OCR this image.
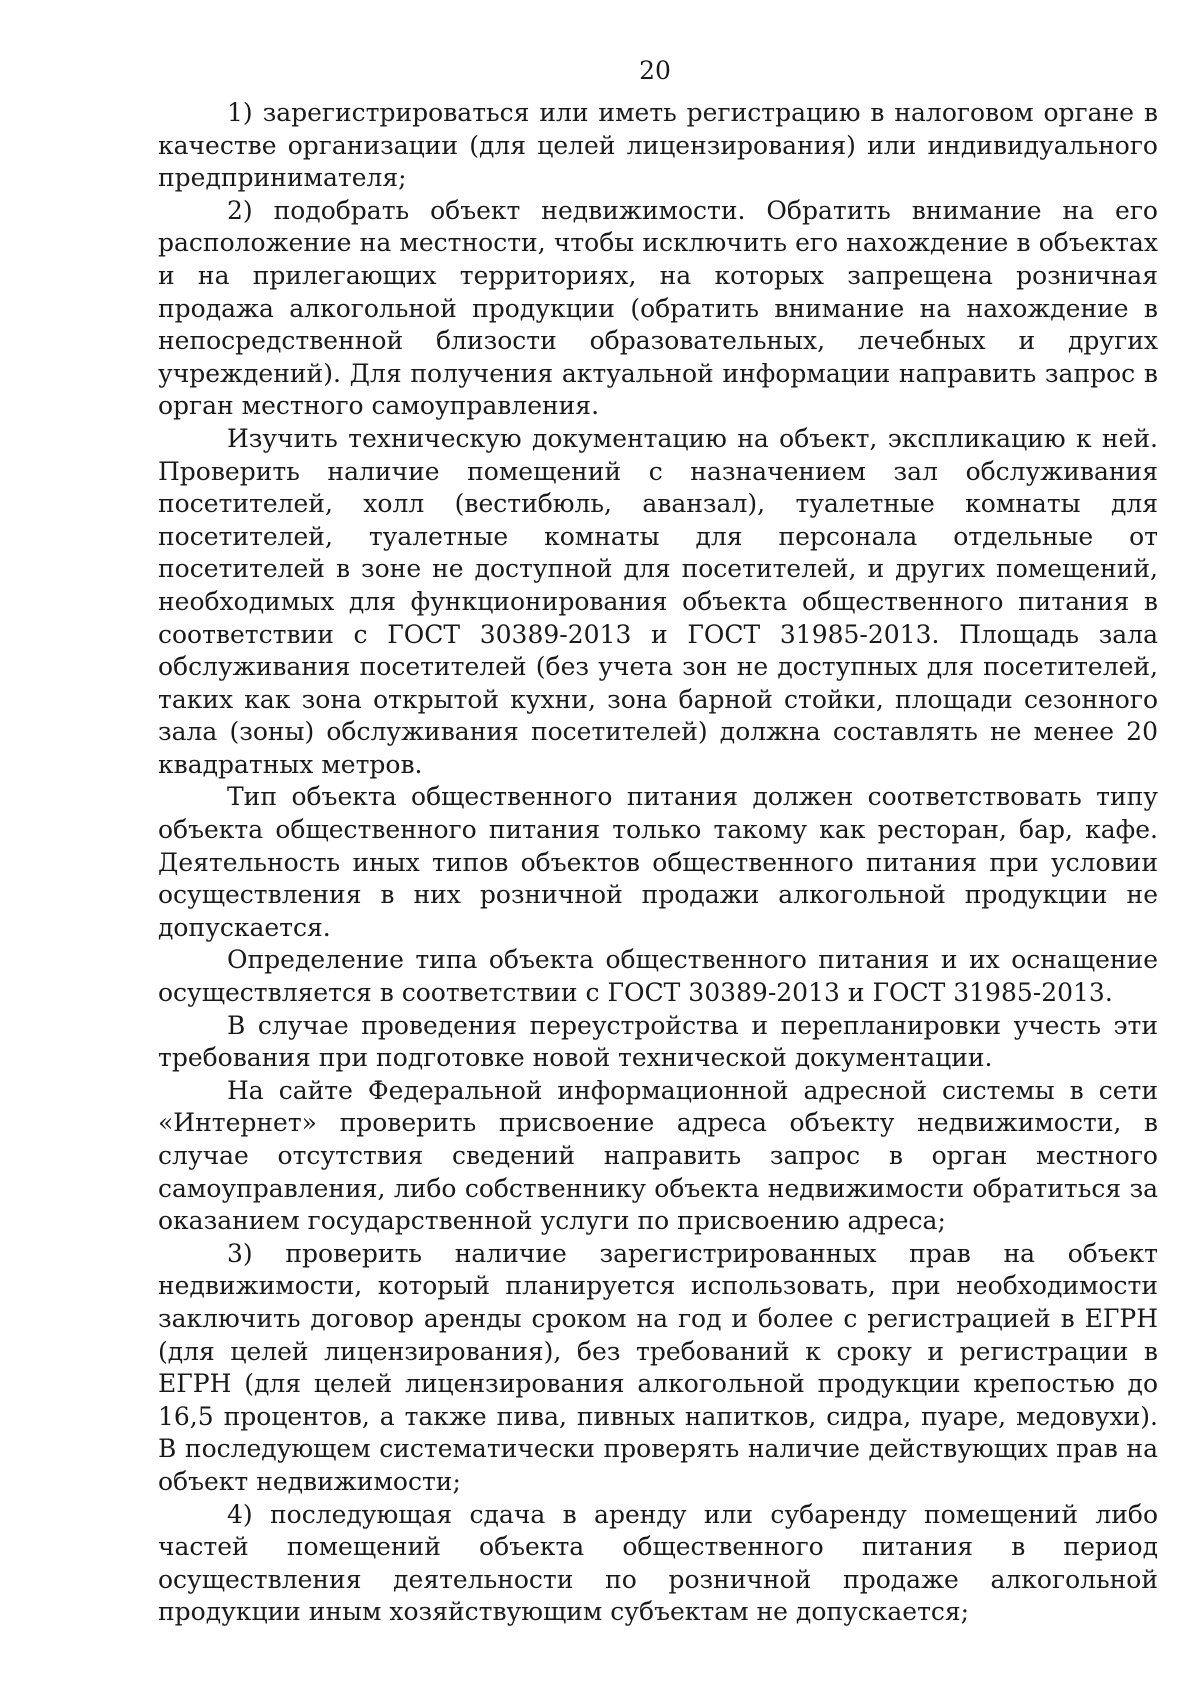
20

1) зарегистрироваться или иметь регистрацию в налоговом органе в качестве организации (для целей лицензирования) или индивидуального предпринимателя;

2) подобрать объект недвижимости. Обратить внимание на его расположение на местности, чтобы исключить его нахождение в объектах и на прилегающих территориях, на которых запрещена розничная продажа алкогольной продукции (обратить внимание на нахождение в непосредственной близости образовательных, лечебных и других учреждений). Для получения актуальной информации направить запрос в орган местного самоуправления.

Изучить техническую документацию на объект, экспликацию к ней. Проверить наличие помещений с назначением зал обслуживания посетителей, холл (вестибюль, аванзал), туалетные комнаты для посетителей, туалетные комнаты для персонала отдельные от посетителей в зоне не доступной для посетителей, и других помещений, необходимых для функционирования объекта общественного питания в соответствии с ГОСТ 30389-2013 и ГОСТ 31985-2013. Площадь зала обслуживания посетителей (без учета зон не доступных для посетителей, таких как зона открытой кухни, зона барной стойки, площади сезонного зала (зоны) обслуживания посетителей) должна составлять не менее 20 квадратных метров.

Тип объекта общественного питания должен соответствовать типу объекта общественного питания только такому как ресторан, бар, кафе. Деятельность иных типов объектов общественного питания при условии осуществления в них розничной продажи алкогольной продукции не допускается.

Определение типа объекта общественного питания и их оснащение осуществляется в соответствии с ГОСТ 30389-2013 и ГОСТ 31985-2013.

В случае проведения переустройства и перепланировки учесть эти требования при подготовке новой технической документации.

На сайте Федеральной информационной адресной системы в сети «Интернет» проверить присвоение адреса объекту недвижимости, в случае отсутствия сведений направить запрос в орган местного самоуправления, либо собственнику объекта недвижимости обратиться за оказанием государственной услуги по присвоению адреса;

3) проверить наличие зарегистрированных прав на объект недвижимости, который планируется использовать, при необходимости заключить договор аренды сроком на год и более с регистрацией в ЕГРН (для целей лицензирования), без требований к сроку и регистрации в ЕГРН (для целей лицензирования алкогольной продукции крепостью до 16,5 процентов, а также пива, пивных напитков, сидра, пуаре, медовухи). В последующем систематически проверять наличие действующих прав на объект недвижимости;

4) последующая сдача в аренду или субаренду помещений либо частей помещений объекта общественного питания в период осуществления деятельности по розничной продаже алкогольной продукции иным хозяйствующим субъектам не допускается;
